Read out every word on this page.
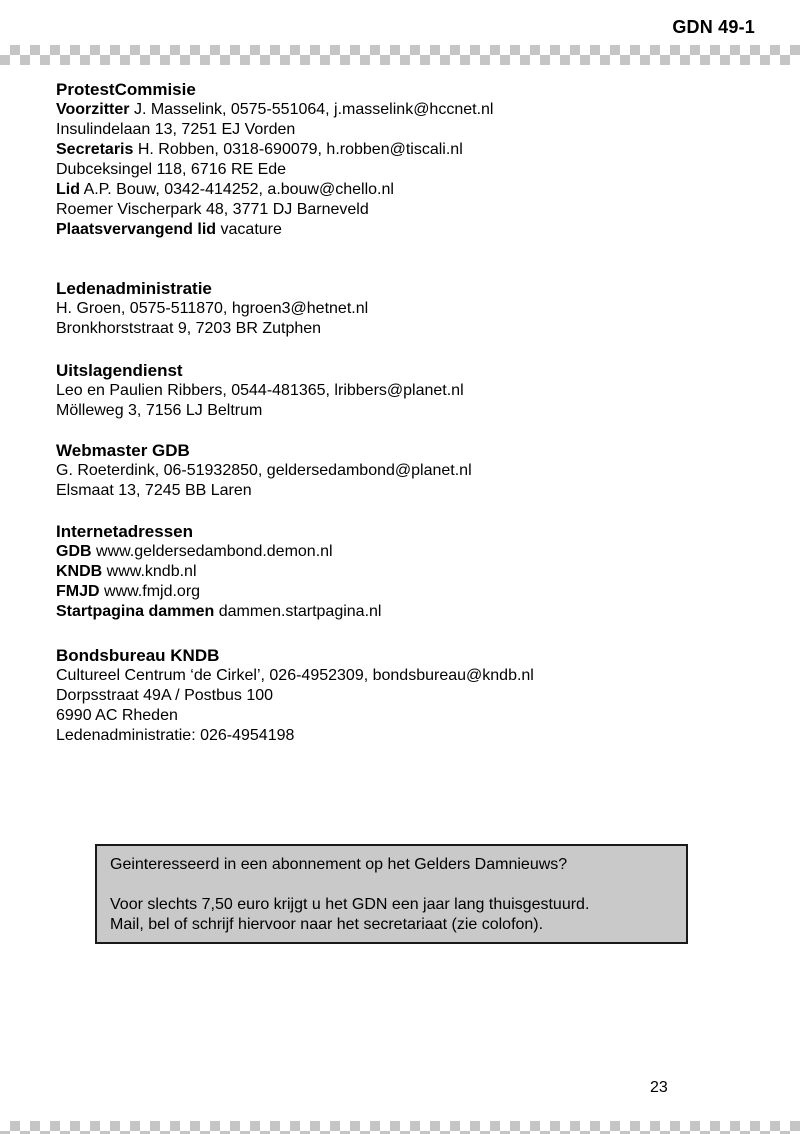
GDN 49-1
ProtestCommisie
Voorzitter J. Masselink, 0575-551064, j.masselink@hccnet.nl
Insulindelaan 13, 7251 EJ Vorden
Secretaris H. Robben, 0318-690079, h.robben@tiscali.nl
Dubceksingel 118, 6716 RE Ede
Lid A.P. Bouw, 0342-414252, a.bouw@chello.nl
Roemer Vischerpark 48, 3771 DJ Barneveld
Plaatsvervangend lid vacature
Ledenadministratie
H. Groen, 0575-511870, hgroen3@hetnet.nl
Bronkhorststraat 9, 7203 BR Zutphen
Uitslagendienst
Leo en Paulien Ribbers, 0544-481365, lribbers@planet.nl
Mölleweg 3, 7156 LJ Beltrum
Webmaster GDB
G. Roeterdink, 06-51932850, geldersedambond@planet.nl
Elsmaat 13, 7245 BB Laren
Internetadressen
GDB www.geldersedambond.demon.nl
KNDB www.kndb.nl
FMJD www.fmjd.org
Startpagina dammen dammen.startpagina.nl
Bondsbureau KNDB
Cultureel Centrum ‘de Cirkel’, 026-4952309, bondsbureau@kndb.nl
Dorpsstraat 49A / Postbus 100
6990 AC Rheden
Ledenadministratie: 026-4954198
Geinteresseerd in een abonnement op het Gelders Damnieuws?
Voor slechts 7,50 euro krijgt u het GDN een jaar lang thuisgestuurd.
Mail, bel of schrijf hiervoor naar het secretariaat (zie colofon).
23
